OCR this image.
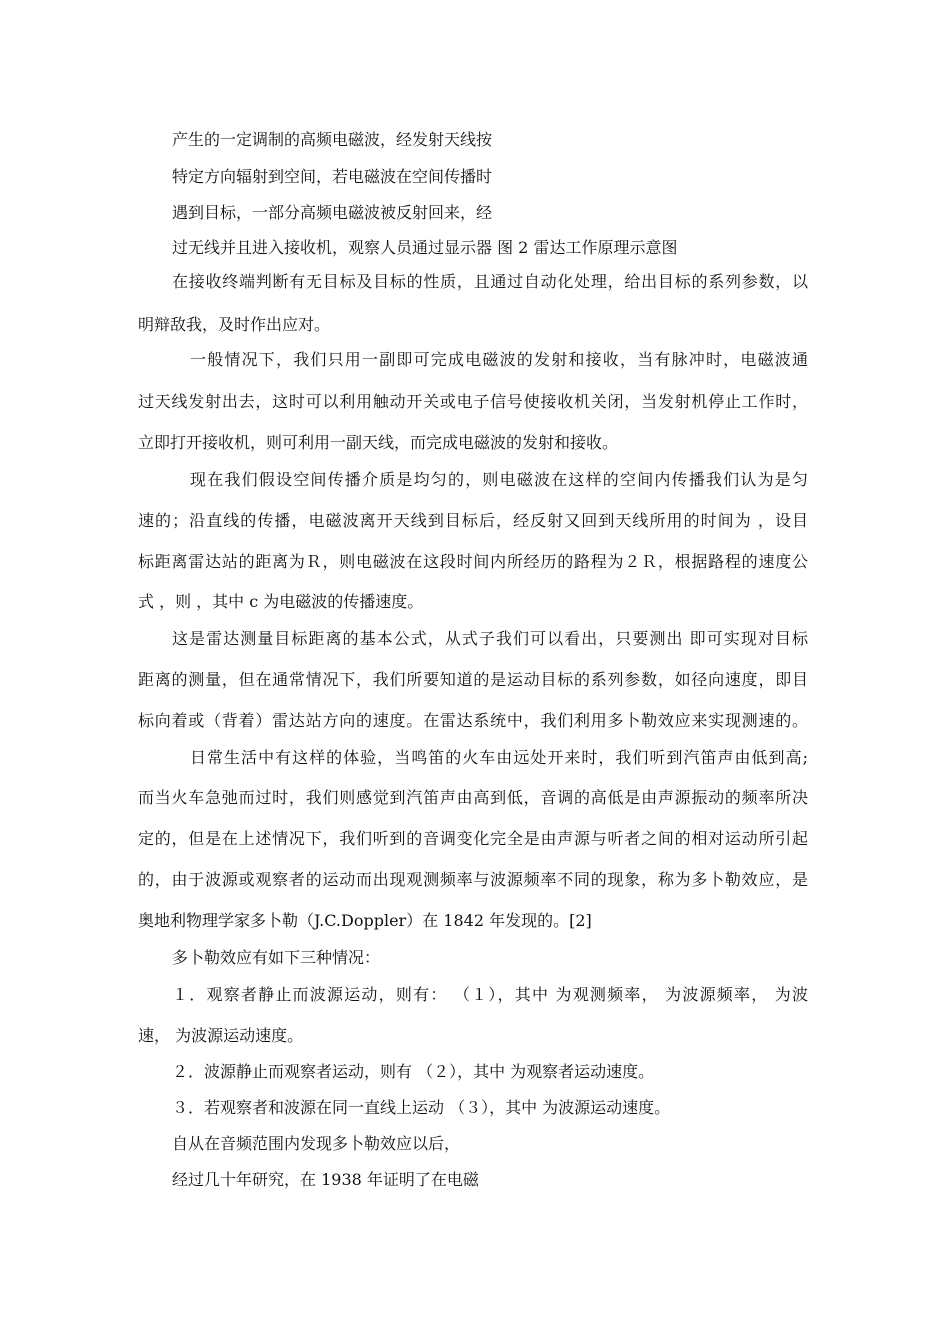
产生的一定调制的高频电磁波，经发射天线按
特定方向辐射到空间，若电磁波在空间传播时
遇到目标，一部分高频电磁波被反射回来，经
过无线并且进入接收机，观察人员通过显示器 图 2 雷达工作原理示意图
在接收终端判断有无目标及目标的性质，且通过自动化处理，给出目标的系列参数，以
明辩敌我，及时作出应对。
一般情况下，我们只用一副即可完成电磁波的发射和接收，当有脉冲时，电磁波通
过天线发射出去，这时可以利用触动开关或电子信号使接收机关闭，当发射机停止工作时，
立即打开接收机，则可利用一副天线，而完成电磁波的发射和接收。
现在我们假设空间传播介质是均匀的，则电磁波在这样的空间内传播我们认为是匀
速的；沿直线的传播，电磁波离开天线到目标后，经反射又回到天线所用的时间为 ，设目
标距离雷达站的距离为Ｒ，则电磁波在这段时间内所经历的路程为２Ｒ，根据路程的速度公
式 ，则 ，其中 c 为电磁波的传播速度。
这是雷达测量目标距离的基本公式，从式子我们可以看出，只要测出 即可实现对目标
距离的测量，但在通常情况下，我们所要知道的是运动目标的系列参数，如径向速度，即目
标向着或（背着）雷达站方向的速度。在雷达系统中，我们利用多卜勒效应来实现测速的。
日常生活中有这样的体验，当鸣笛的火车由远处开来时，我们听到汽笛声由低到高;
而当火车急弛而过时，我们则感觉到汽笛声由高到低，音调的高低是由声源振动的频率所决
定的，但是在上述情况下，我们听到的音调变化完全是由声源与听者之间的相对运动所引起
的，由于波源或观察者的运动而出现观测频率与波源频率不同的现象，称为多卜勒效应，是
奥地利物理学家多卜勒（J.C.Doppler）在 1842 年发现的。[2]
多卜勒效应有如下三种情况：
１．观察者静止而波源运动，则有： （１），其中 为观测频率， 为波源频率， 为波
速， 为波源运动速度。
２．波源静止而观察者运动，则有 （２），其中 为观察者运动速度。
３．若观察者和波源在同一直线上运动 （３），其中 为波源运动速度。
自从在音频范围内发现多卜勒效应以后，
经过几十年研究，在 1938 年证明了在电磁
